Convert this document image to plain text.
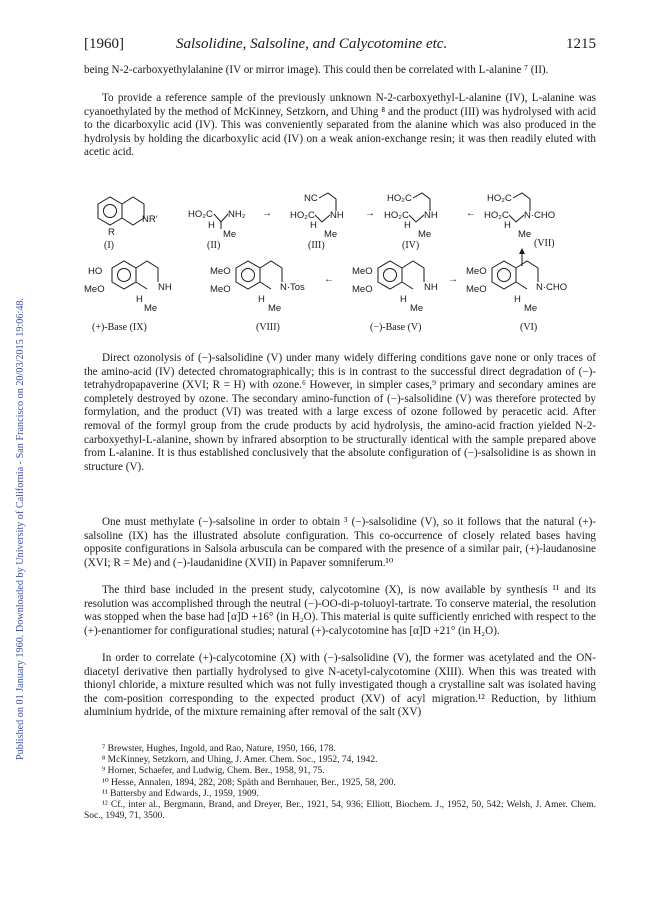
Published on 01 January 1960. Downloaded by University of California - San Francisco on 20/03/2015 19:06:48.
[1960]	Salsolidine, Salsoline, and Calycotomine etc.	1215

being N-2-carboxyethylalanine (IV or mirror image). This could then be correlated with L-alanine ⁷ (II).

To provide a reference sample of the previously unknown N-2-carboxyethyl-L-alanine (IV), L-alanine was cyanoethylated by the method of McKinney, Setzkorn, and Uhing ⁸ and the product (III) was hydrolysed with acid to the dicarboxylic acid (IV). This was conveniently separated from the alanine which was also produced in the hydrolysis by holding the dicarboxylic acid (IV) on a weak anion-exchange resin; it was then readily eluted with acetic acid.

NR′
R
(I)
HO₂C NH₂
H
Me
(II)
→
NC
HO₂C NH
H
Me
(III)
→
HO₂C
HO₂C NH
H
Me
(IV)
←
HO₂C
HO₂C N·CHO
H
Me
(VII)
HO
MeO	NH
H
Me
(+)-Base (IX)
MeO
MeO	N·Tos
H
Me
(VIII)
←
MeO
MeO	NH
H
Me
(−)-Base (V)
→
MeO
MeO	N·CHO
H
Me
(VI)

Direct ozonolysis of (−)-salsolidine (V) under many widely differing conditions gave none or only traces of the amino-acid (IV) detected chromatographically; this is in contrast to the successful direct degradation of (−)-tetrahydropapaverine (XVI; R = H) with ozone.⁶ However, in simpler cases,⁹ primary and secondary amines are completely destroyed by ozone. The secondary amino-function of (−)-salsolidine (V) was therefore protected by formylation, and the product (VI) was treated with a large excess of ozone followed by peracetic acid. After removal of the formyl group from the crude products by acid hydrolysis, the amino-acid fraction yielded N-2-carboxyethyl-L-alanine, shown by infrared absorption to be structurally identical with the sample prepared above from L-alanine. It is thus established conclusively that the absolute configuration of (−)-salsolidine is as shown in structure (V).

One must methylate (−)-salsoline in order to obtain ³ (−)-salsolidine (V), so it follows that the natural (+)-salsoline (IX) has the illustrated absolute configuration. This co-occurrence of closely related bases having opposite configurations in Salsola arbuscula can be compared with the presence of a similar pair, (+)-laudanosine (XVI; R = Me) and (−)-laudanidine (XVII) in Papaver somniferum.¹⁰

The third base included in the present study, calycotomine (X), is now available by synthesis ¹¹ and its resolution was accomplished through the neutral (−)-OO-di-p-toluoyl-tartrate. To conserve material, the resolution was stopped when the base had [α]D +16° (in H₂O). This material is quite sufficiently enriched with respect to the (+)-enantiomer for configurational studies; natural (+)-calycotomine has [α]D +21° (in H₂O).

In order to correlate (+)-calycotomine (X) with (−)-salsolidine (V), the former was acetylated and the ON-diacetyl derivative then partially hydrolysed to give N-acetyl-calycotomine (XIII). When this was treated with thionyl chloride, a mixture resulted which was not fully investigated though a crystalline salt was isolated having the com-position corresponding to the expected product (XV) of acyl migration.¹² Reduction, by lithium aluminium hydride, of the mixture remaining after removal of the salt (XV)

⁷ Brewster, Hughes, Ingold, and Rao, Nature, 1950, 166, 178.

⁸ McKinney, Setzkorn, and Uhing, J. Amer. Chem. Soc., 1952, 74, 1942.

⁹ Horner, Schaefer, and Ludwig, Chem. Ber., 1958, 91, 75.

¹⁰ Hesse, Annalen, 1894, 282, 208; Späth and Bernhauer, Ber., 1925, 58, 200.

¹¹ Battersby and Edwards, J., 1959, 1909.

¹² Cf., inter al., Bergmann, Brand, and Dreyer, Ber., 1921, 54, 936; Elliott, Biochem. J., 1952, 50, 542; Welsh, J. Amer. Chem. Soc., 1949, 71, 3500.
